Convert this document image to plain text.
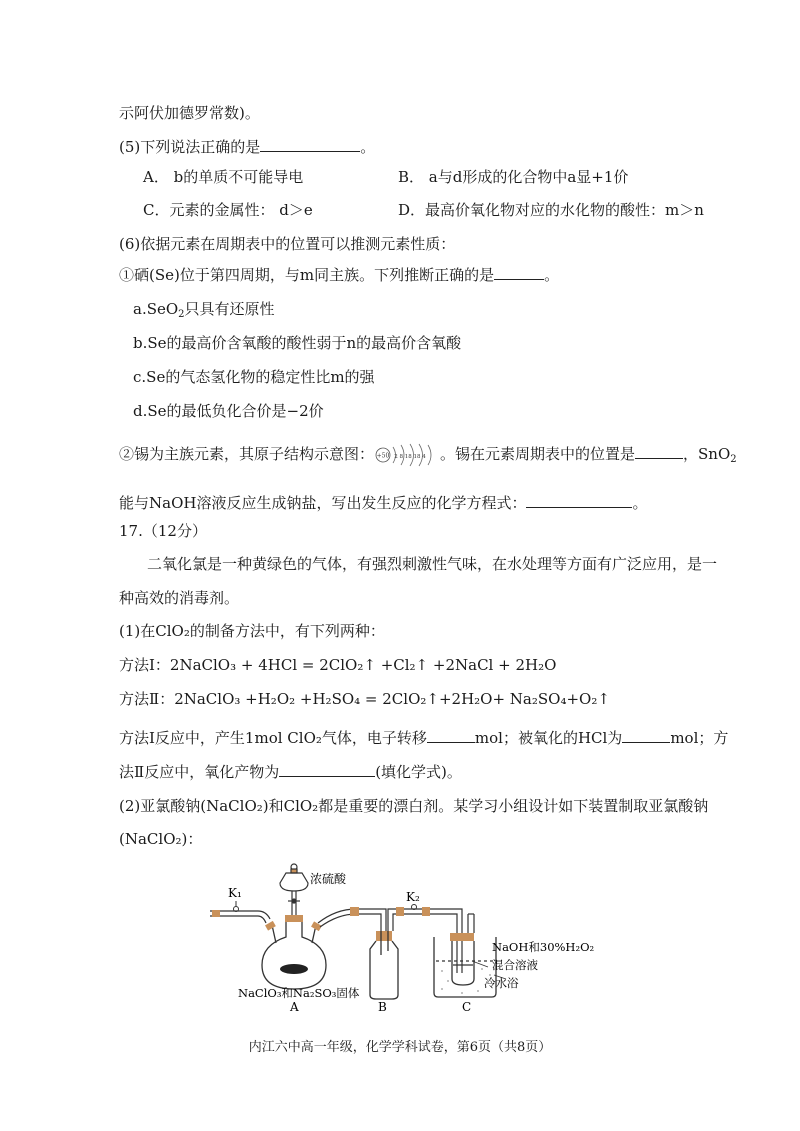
示阿伏加德罗常数)。
(5)下列说法正确的是	。
A． b的单质不可能导电	B． a与d形成的化合物中a显+1价
C．元素的金属性： d＞e	D．最高价氧化物对应的水化物的酸性：m＞n
(6)依据元素在周期表中的位置可以推测元素性质：
①硒(Se)位于第四周期，与m同主族。下列推断正确的是	。
a.SeO$_2$只具有还原性
b.Se的最高价含氧酸的酸性弱于n的最高价含氧酸
c.Se的气态氢化物的稳定性比m的强
d.Se的最低负化合价是−2价
②锡为主族元素，其原子结构示意图： +50 2 8 18 18 4 。锡在元素周期表中的位置是	，SnO$_2$
能与NaOH溶液反应生成钠盐，写出发生反应的化学方程式：	。
17.（12分）
二氧化氯是一种黄绿色的气体，有强烈刺激性气味，在水处理等方面有广泛应用，是一
种高效的消毒剂。
(1)在ClO₂的制备方法中，有下列两种：
方法Ⅰ：2NaClO₃ + 4HCl = 2ClO₂↑ +Cl₂↑ +2NaCl + 2H₂O
方法Ⅱ：2NaClO₃ +H₂O₂ +H₂SO₄ = 2ClO₂↑+2H₂O+ Na₂SO₄+O₂↑
方法Ⅰ反应中，产生1mol ClO₂气体，电子转移	mol；被氧化的HCl为	mol；方
法Ⅱ反应中，氧化产物为	(填化学式)。
(2)亚氯酸钠(NaClO₂)和ClO₂都是重要的漂白剂。某学习小组设计如下装置制取亚氯酸钠
(NaClO₂)：
K₁
浓硫酸
NaClO₃和Na₂SO₃固体
A	B
K₂
NaOH和30%H₂O₂
混合溶液
冷水浴
C
内江六中高一年级，化学学科试卷，第6页（共8页）
